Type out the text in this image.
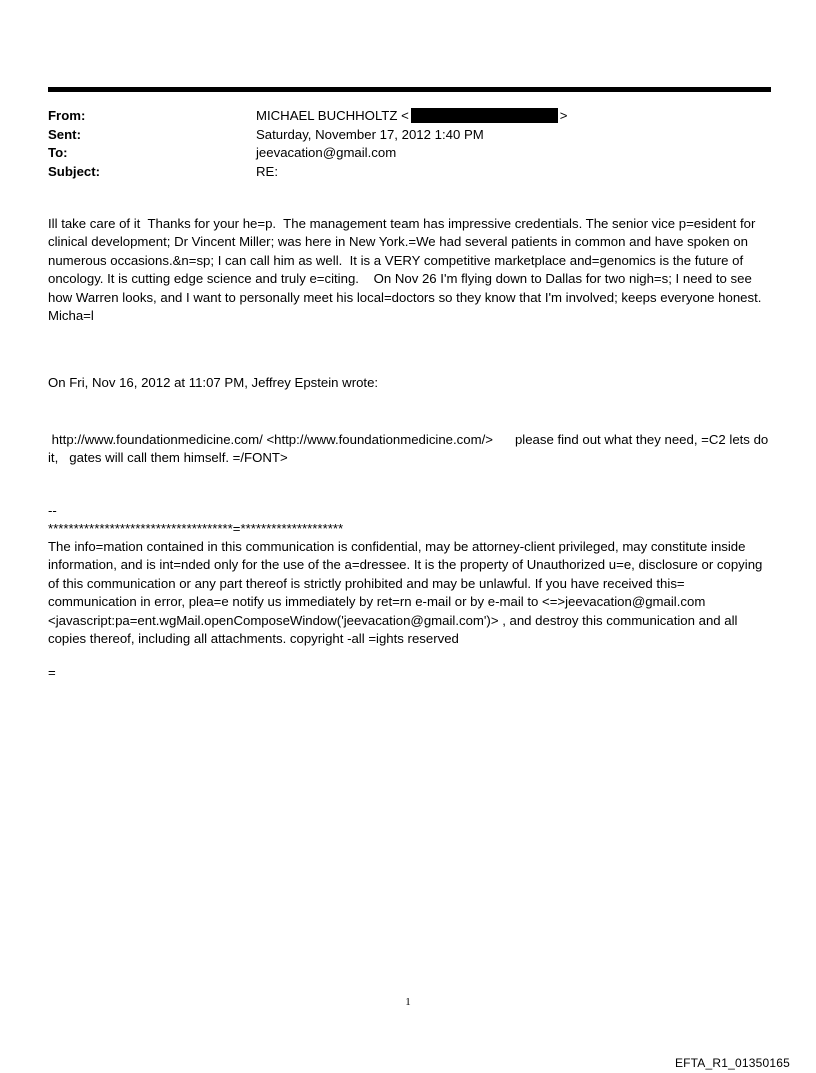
From:	MICHAEL BUCHHOLTZ <	>
Sent:	Saturday, November 17, 2012 1:40 PM
To:	jeevacation@gmail.com
Subject:	RE:
Ill take care of it  Thanks for your he=p.  The management team has impressive credentials. The senior vice p=esident for clinical development; Dr Vincent Miller; was here in New York.=We had several patients in common and have spoken on numerous occasions.&n=sp; I can call him as well.  It is a VERY competitive marketplace and=genomics is the future of oncology. It is cutting edge science and truly e=citing.    On Nov 26 I'm flying down to Dallas for two nigh=s; I need to see how Warren looks, and I want to personally meet his local=doctors so they know that I'm involved; keeps everyone honest.  Micha=l
On Fri, Nov 16, 2012 at 11:07 PM, Jeffrey Epstein wrote:
http://www.foundationmedicine.com/ <http://www.foundationmedicine.com/>      please find out what they need, =C2 lets do it,   gates will call them himself. =/FONT>
--
************************************=********************
The info=mation contained in this communication is confidential, may be attorney-client privileged, may constitute inside information, and is int=nded only for the use of the a=dressee. It is the property of Unauthorized u=e, disclosure or copying of this communication or any part thereof is strictly prohibited and may be unlawful. If you have received this= communication in error, plea=e notify us immediately by ret=rn e-mail or by e-mail to <=>jeevacation@gmail.com <javascript:pa=ent.wgMail.openComposeWindow('jeevacation@gmail.com')> , and destroy this communication and all copies thereof, including all attachments. copyright -all =ights reserved
=
1
EFTA_R1_01350165
